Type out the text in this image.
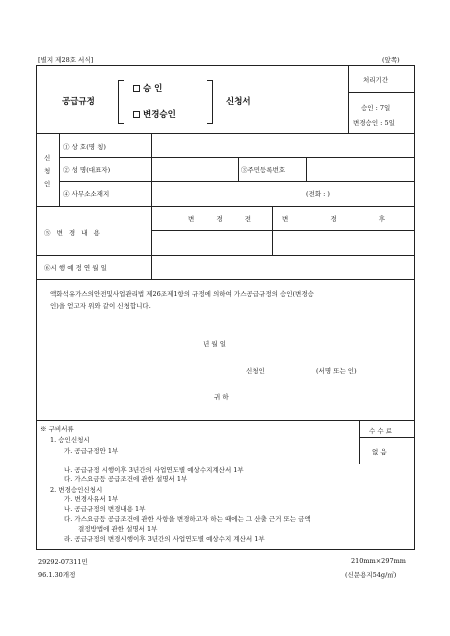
[별지 제28호 서식]	(앞쪽)
공급규정
승 인
변경승인
신청서
처리기간
승인 : 7일
변경승인 : 5일
신
청
인
① 상 호(명 칭)
② 성 명(대표자)	③주민등록번호
④ 사무소소재지	(전화 : )
⑤ 변 경 내 용
변 경 전	변 경 후
⑥시 행 예 정 연 월 일
액화석유가스의안전및사업관리법 제26조제1항의 규정에 의하여 가스공급규정의 승인(변경승
인)을 얻고자 위와 같이 신청합니다.
년 월 일
신청인	(서명 또는 인)
귀 하
수 수 료
없 음
※ 구비서류
1. 승인신청시
가. 공급규정안 1부
나. 공급규정 시행이후 3년간의 사업연도별 예상수지계산서 1부
다. 가스요금등 공급조건에 관한 설명서 1부
2. 변경승인신청시
가. 변경사유서 1부
나. 공급규정의 변경내용 1부
다. 가스요금등 공급조건에 관한 사항을 변경하고자 하는 때에는 그 산출 근거 또는 금액
결정방법에 관한 설명서 1부
라. 공급규정의 변경시행이후 3년간의 사업연도별 예상수지 계산서 1부
29292-07311민
96.1.30개정
210mm×297mm
(신문용지54g/㎡)
